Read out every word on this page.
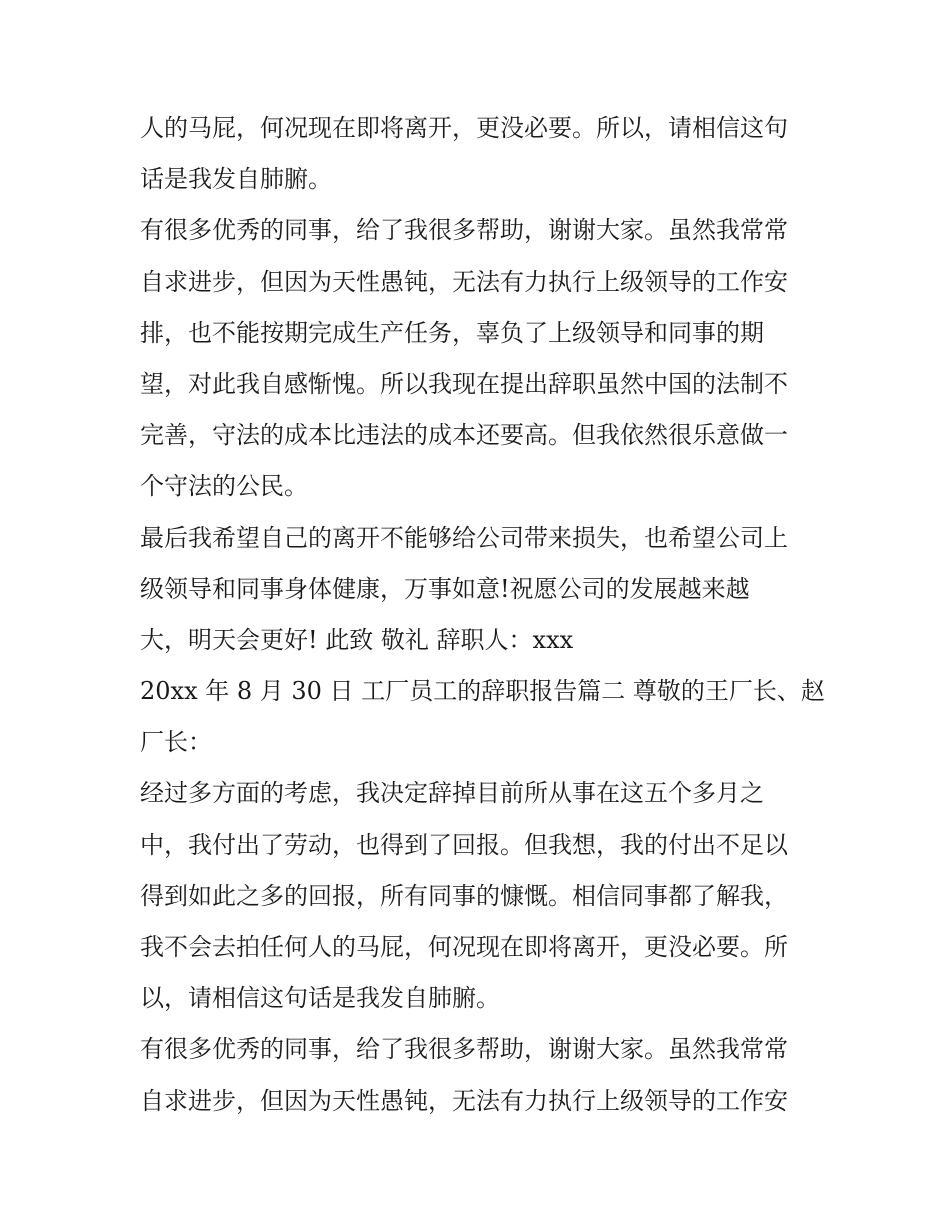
人的马屁，何况现在即将离开，更没必要。所以，请相信这句
话是我发自肺腑。
有很多优秀的同事，给了我很多帮助，谢谢大家。虽然我常常
自求进步，但因为天性愚钝，无法有力执行上级领导的工作安
排，也不能按期完成生产任务，辜负了上级领导和同事的期
望，对此我自感惭愧。所以我现在提出辞职虽然中国的法制不
完善，守法的成本比违法的成本还要高。但我依然很乐意做一
个守法的公民。
最后我希望自己的离开不能够给公司带来损失，也希望公司上
级领导和同事身体健康，万事如意!祝愿公司的发展越来越
大，明天会更好! 此致 敬礼 辞职人：xxx
20xx 年 8 月 30 日 工厂员工的辞职报告篇二 尊敬的王厂长、赵
厂长：
经过多方面的考虑，我决定辞掉目前所从事在这五个多月之
中，我付出了劳动，也得到了回报。但我想，我的付出不足以
得到如此之多的回报，所有同事的慷慨。相信同事都了解我，
我不会去拍任何人的马屁，何况现在即将离开，更没必要。所
以，请相信这句话是我发自肺腑。
有很多优秀的同事，给了我很多帮助，谢谢大家。虽然我常常
自求进步，但因为天性愚钝，无法有力执行上级领导的工作安
